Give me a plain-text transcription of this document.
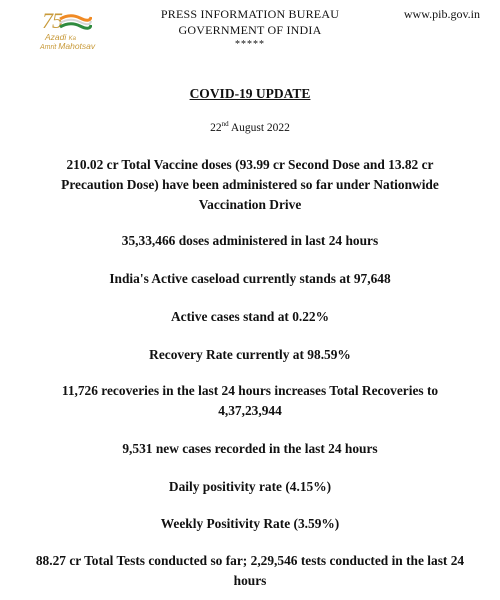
75
Azadi Ka
Amrit Mahotsav
PRESS INFORMATION BUREAU
GOVERNMENT OF INDIA
*****
www.pib.gov.in
COVID-19 UPDATE
22nd August 2022
210.02 cr Total Vaccine doses (93.99 cr Second Dose and 13.82 cr Precaution Dose) have been administered so far under Nationwide Vaccination Drive
35,33,466 doses administered in last 24 hours
India's Active caseload currently stands at 97,648
Active cases stand at 0.22%
Recovery Rate currently at 98.59%
11,726 recoveries in the last 24 hours increases Total Recoveries to 4,37,23,944
9,531 new cases recorded in the last 24 hours
Daily positivity rate (4.15%)
Weekly Positivity Rate (3.59%)
88.27 cr Total Tests conducted so far; 2,29,546 tests conducted in the last 24 hours
